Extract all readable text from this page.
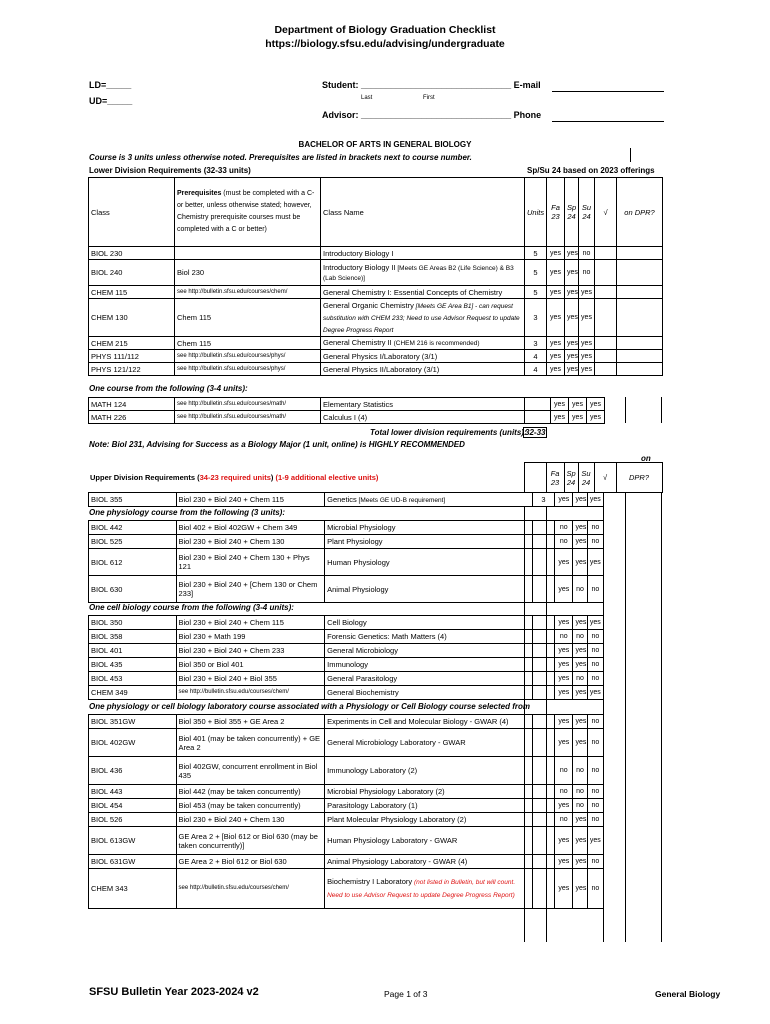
Department of Biology Graduation Checklist
https://biology.sfsu.edu/advising/undergraduate
LD=_____
UD=_____
Student: ______________________________ E-mail
Last	First
Advisor: ______________________________ Phone
BACHELOR OF ARTS IN GENERAL BIOLOGY
Course is 3 units unless otherwise noted. Prerequisites are listed in brackets next to course number.
Lower Division Requirements (32-33 units)	Sp/Su 24 based on 2023 offerings
Class	Prerequisites (must be completed with a C- or better, unless otherwise stated; however, Chemistry prerequisite courses must be completed with a C or better)	Class Name	Units	Fa 23	Sp 24	Su 24	√	on DPR?
BIOL 230		Introductory Biology I	5	yes	yes	no		
BIOL 240	Biol 230	Introductory Biology II [Meets GE Areas B2 (Life Science) & B3 (Lab Science)]	5	yes	yes	no		
CHEM 115	see http://bulletin.sfsu.edu/courses/chem/	General Chemistry I: Essential Concepts of Chemistry	5	yes	yes	yes		
CHEM 130	Chem 115	General Organic Chemistry [Meets GE Area B1] - can request substitution with CHEM 233; Need to use Advisor Request to update Degree Progress Report	3	yes	yes	yes		
CHEM 215	Chem 115	General Chemistry II (CHEM 216 is recommended)	3	yes	yes	yes		
PHYS 111/112	see http://bulletin.sfsu.edu/courses/phys/	General Physics I/Laboratory (3/1)	4	yes	yes	yes		
PHYS 121/122	see http://bulletin.sfsu.edu/courses/phys/	General Physics II/Laboratory (3/1)	4	yes	yes	yes		
One course from the following (3-4 units):
MATH 124	see http://bulletin.sfsu.edu/courses/math/	Elementary Statistics		yes	yes	yes
MATH 226	see http://bulletin.sfsu.edu/courses/math/	Calculus I (4)		yes	yes	yes
Total lower division requirements (units):
32-33
Note: Biol 231, Advising for Success as a Biology Major (1 unit, online) is HIGHLY RECOMMENDED
on
Upper Division Requirements (34-23 required units) (1-9 additional elective units)		Fa 23	Sp 24	Su 24	√	DPR?
BIOL 355	Biol 230 + Biol 240 + Chem 115	Genetics [Meets GE UD-B requirement]	3	yes	yes	yes
One physiology course from the following (3 units):
BIOL 442	Biol 402 + Biol 402GW + Chem 349	Microbial Physiology		no	yes	no
BIOL 525	Biol 230 + Biol 240 + Chem 130	Plant Physiology		no	yes	no
BIOL 612	Biol 230 + Biol 240 + Chem 130 + Phys 121	Human Physiology		yes	yes	yes
BIOL 630	Biol 230 + Biol 240 + [Chem 130 or Chem 233]	Animal Physiology		yes	no	no
One cell biology course from the following (3-4 units):
BIOL 350	Biol 230 + Biol 240 + Chem 115	Cell Biology		yes	yes	yes
BIOL 358	Biol 230 + Math 199	Forensic Genetics: Math Matters (4)		no	no	no
BIOL 401	Biol 230 + Biol 240 + Chem 233	General Microbiology		yes	yes	no
BIOL 435	Biol 350 or Biol 401	Immunology		yes	yes	no
BIOL 453	Biol 230 + Biol 240 + Biol 355	General Parasitology		yes	no	no
CHEM 349	see http://bulletin.sfsu.edu/courses/chem/	General Biochemistry		yes	yes	yes
One physiology or cell biology laboratory course associated with a Physiology or Cell Biology course selected from
BIOL 351GW	Biol 350 + Biol 355 + GE Area 2	Experiments in Cell and Molecular Biology - GWAR (4)		yes	yes	no
BIOL 402GW	Biol 401 (may be taken concurrently) + GE Area 2	General Microbiology Laboratory - GWAR		yes	yes	no
BIOL 436	Biol 402GW, concurrent enrollment in Biol 435	Immunology Laboratory (2)		no	no	no
BIOL 443	Biol 442 (may be taken concurrently)	Microbial Physiology Laboratory (2)		no	no	no
BIOL 454	Biol 453 (may be taken concurrently)	Parasitology Laboratory (1)		yes	no	no
BIOL 526	Biol 230 + Biol 240 + Chem 130	Plant Molecular Physiology Laboratory (2)		no	yes	no
BIOL 613GW	GE Area 2 + [Biol 612 or Biol 630 (may be taken concurrently)]	Human Physiology Laboratory - GWAR		yes	yes	yes
BIOL 631GW	GE Area 2 + Biol 612 or Biol 630	Animal Physiology Laboratory - GWAR (4)		yes	yes	no
CHEM 343	see http://bulletin.sfsu.edu/courses/chem/	Biochemistry I Laboratory (not listed in Bulletin, but will count. Need to use Advisor Request to update Degree Progress Report)		yes	yes	no
SFSU Bulletin Year 2023-2024 v2	Page 1 of 3	General Biology
